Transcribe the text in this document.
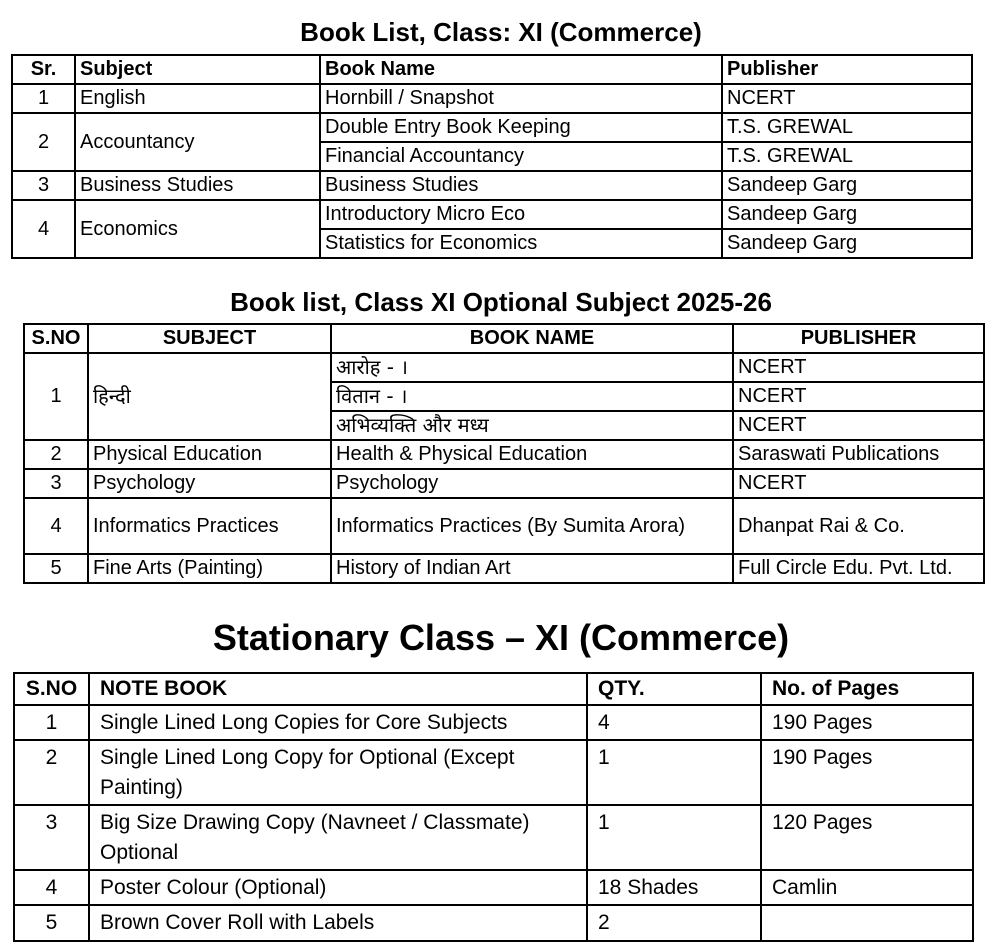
Book List, Class: XI (Commerce)
Sr.	Subject	Book Name	Publisher
1	English	Hornbill / Snapshot	NCERT
2	Accountancy	Double Entry Book Keeping	T.S. GREWAL
		Financial Accountancy	T.S. GREWAL
3	Business Studies	Business Studies	Sandeep Garg
4	Economics	Introductory Micro Eco	Sandeep Garg
		Statistics for Economics	Sandeep Garg
Book list, Class XI Optional Subject 2025-26
S.NO	SUBJECT	BOOK NAME	PUBLISHER
1	हिन्दी	आरोह - ।	NCERT
		वितान - ।	NCERT
		अभिव्यक्ति और मध्य	NCERT
2	Physical Education	Health & Physical Education	Saraswati Publications
3	Psychology	Psychology	NCERT
4	Informatics Practices	Informatics Practices (By Sumita Arora)	Dhanpat Rai & Co.
5	Fine Arts (Painting)	History of Indian Art	Full Circle Edu. Pvt. Ltd.
Stationary Class – XI (Commerce)
S.NO	NOTE BOOK	QTY.	No. of Pages
1	Single Lined Long Copies for Core Subjects	4	190 Pages
2	Single Lined Long Copy for Optional (Except Painting)	1	190 Pages
3	Big Size Drawing Copy (Navneet / Classmate) Optional	1	120 Pages
4	Poster Colour (Optional)	18 Shades	Camlin
5	Brown Cover Roll with Labels	2	
